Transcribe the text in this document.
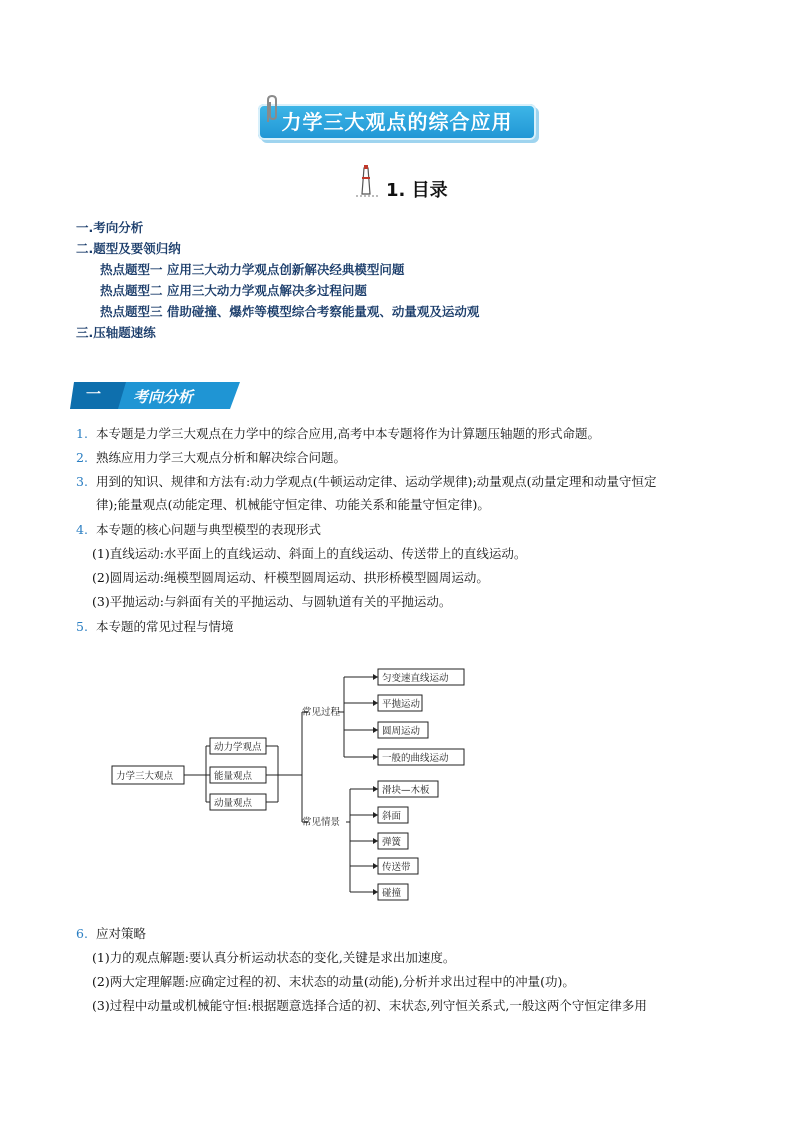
力学三大观点的综合应用
1. 目录
一.考向分析
二.题型及要领归纳
热点题型一 应用三大动力学观点创新解决经典模型问题
热点题型二 应用三大动力学观点解决多过程问题
热点题型三 借助碰撞、爆炸等模型综合考察能量观、动量观及运动观
三.压轴题速练
一 考向分析
1. 本专题是力学三大观点在力学中的综合应用,高考中本专题将作为计算题压轴题的形式命题。
2. 熟练应用力学三大观点分析和解决综合问题。
3. 用到的知识、规律和方法有:动力学观点(牛顿运动定律、运动学规律);动量观点(动量定理和动量守恒定
律);能量观点(动能定理、机械能守恒定律、功能关系和能量守恒定律)。
4. 本专题的核心问题与典型模型的表现形式
(1)直线运动:水平面上的直线运动、斜面上的直线运动、传送带上的直线运动。
(2)圆周运动:绳模型圆周运动、杆模型圆周运动、拱形桥模型圆周运动。
(3)平抛运动:与斜面有关的平抛运动、与圆轨道有关的平抛运动。
5. 本专题的常见过程与情境
力学三大观点
动力学观点
能量观点
动量观点
常见过程
匀变速直线运动
平抛运动
圆周运动
一般的曲线运动
常见情景
滑块—木板
斜面
弹簧
传送带
碰撞
6. 应对策略
(1)力的观点解题:要认真分析运动状态的变化,关键是求出加速度。
(2)两大定理解题:应确定过程的初、末状态的动量(动能),分析并求出过程中的冲量(功)。
(3)过程中动量或机械能守恒:根据题意选择合适的初、末状态,列守恒关系式,一般这两个守恒定律多用
